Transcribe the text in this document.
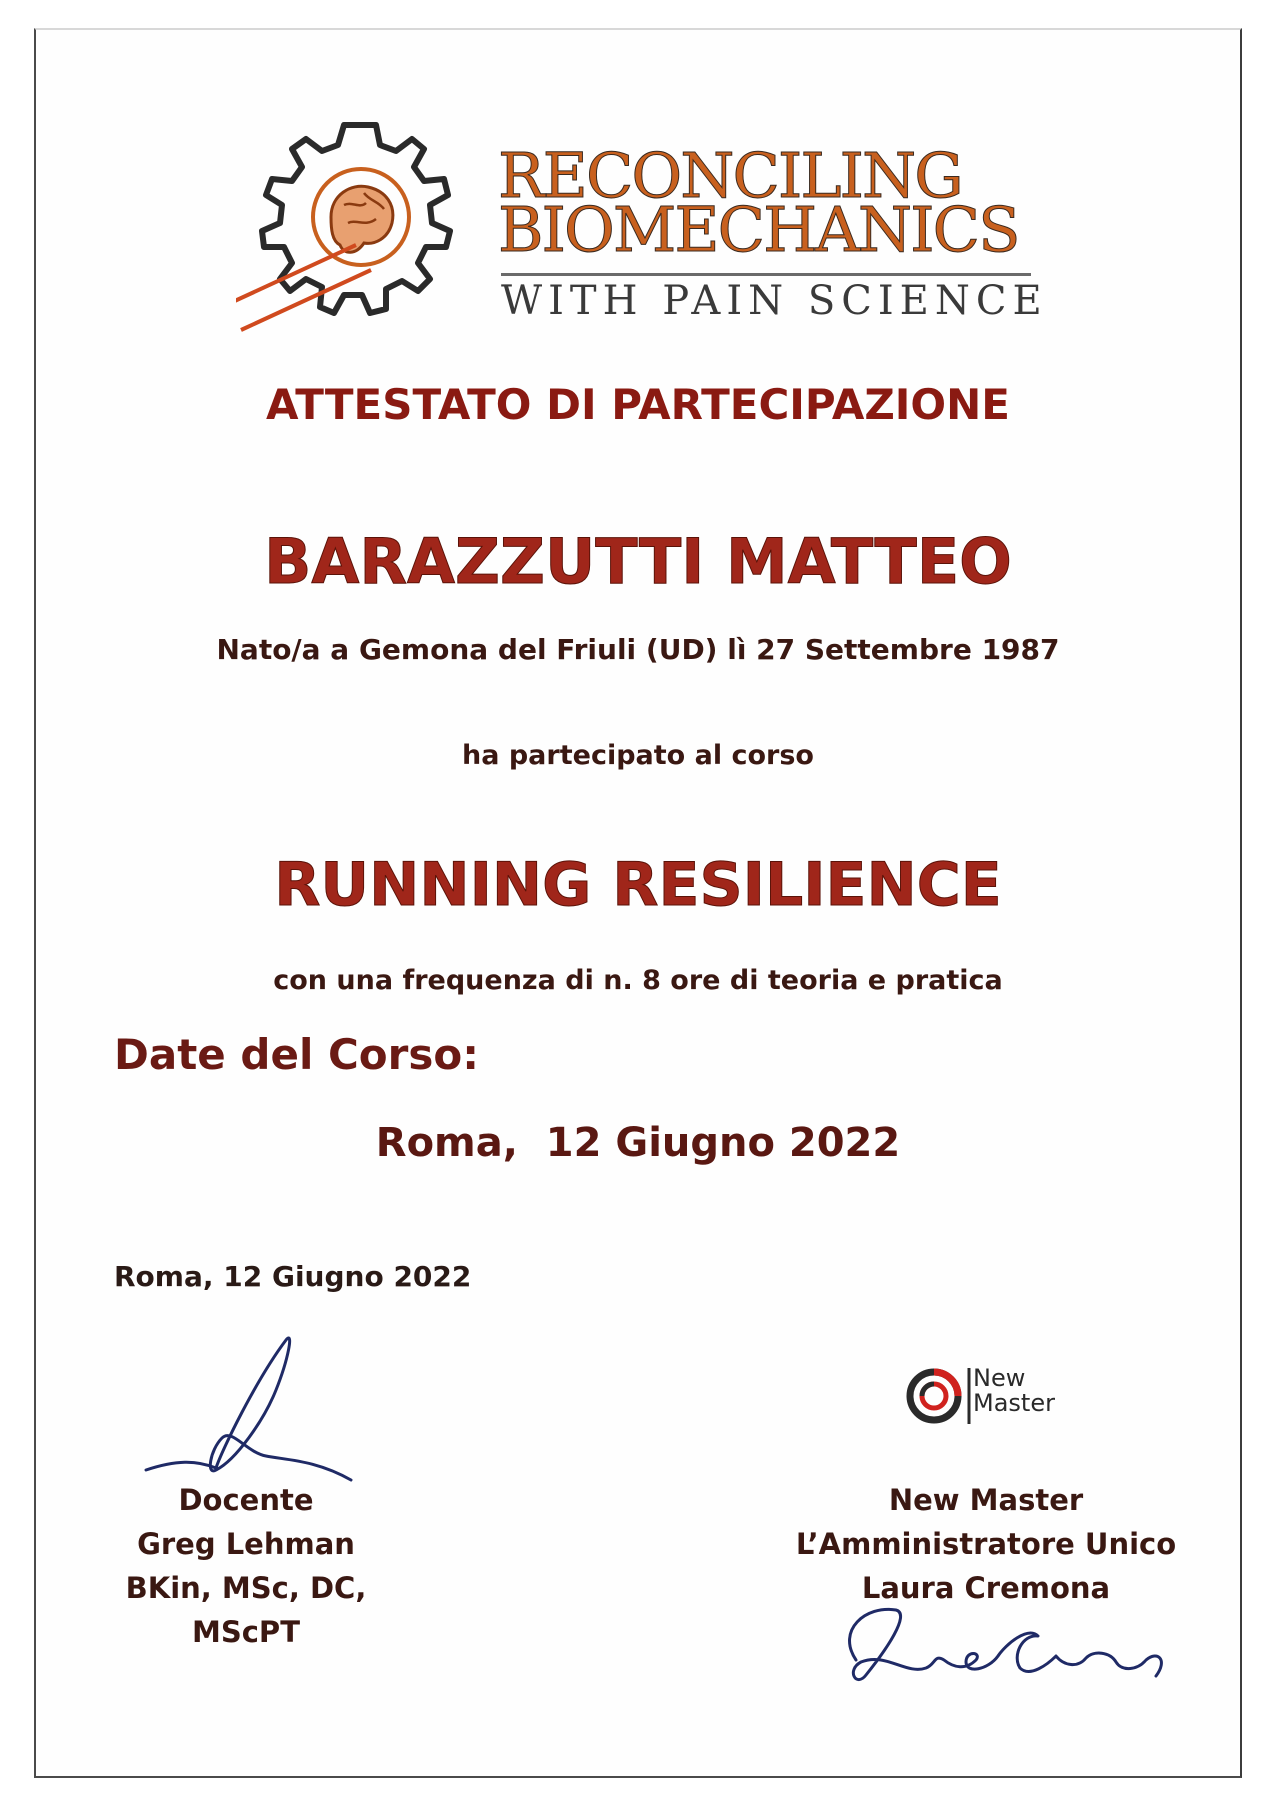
RECONCILING
BIOMECHANICS
WITH PAIN SCIENCE
ATTESTATO DI PARTECIPAZIONE
BARAZZUTTI MATTEO
Nato/a a Gemona del Friuli (UD) lì 27 Settembre 1987
ha partecipato al corso
RUNNING RESILIENCE
con una frequenza di n. 8 ore di teoria e pratica
Date del Corso:
Roma,  12 Giugno 2022
Roma, 12 Giugno 2022
Docente
Greg Lehman
BKin, MSc, DC, MScPT
New
Master
New Master
L’Amministratore Unico
Laura Cremona
